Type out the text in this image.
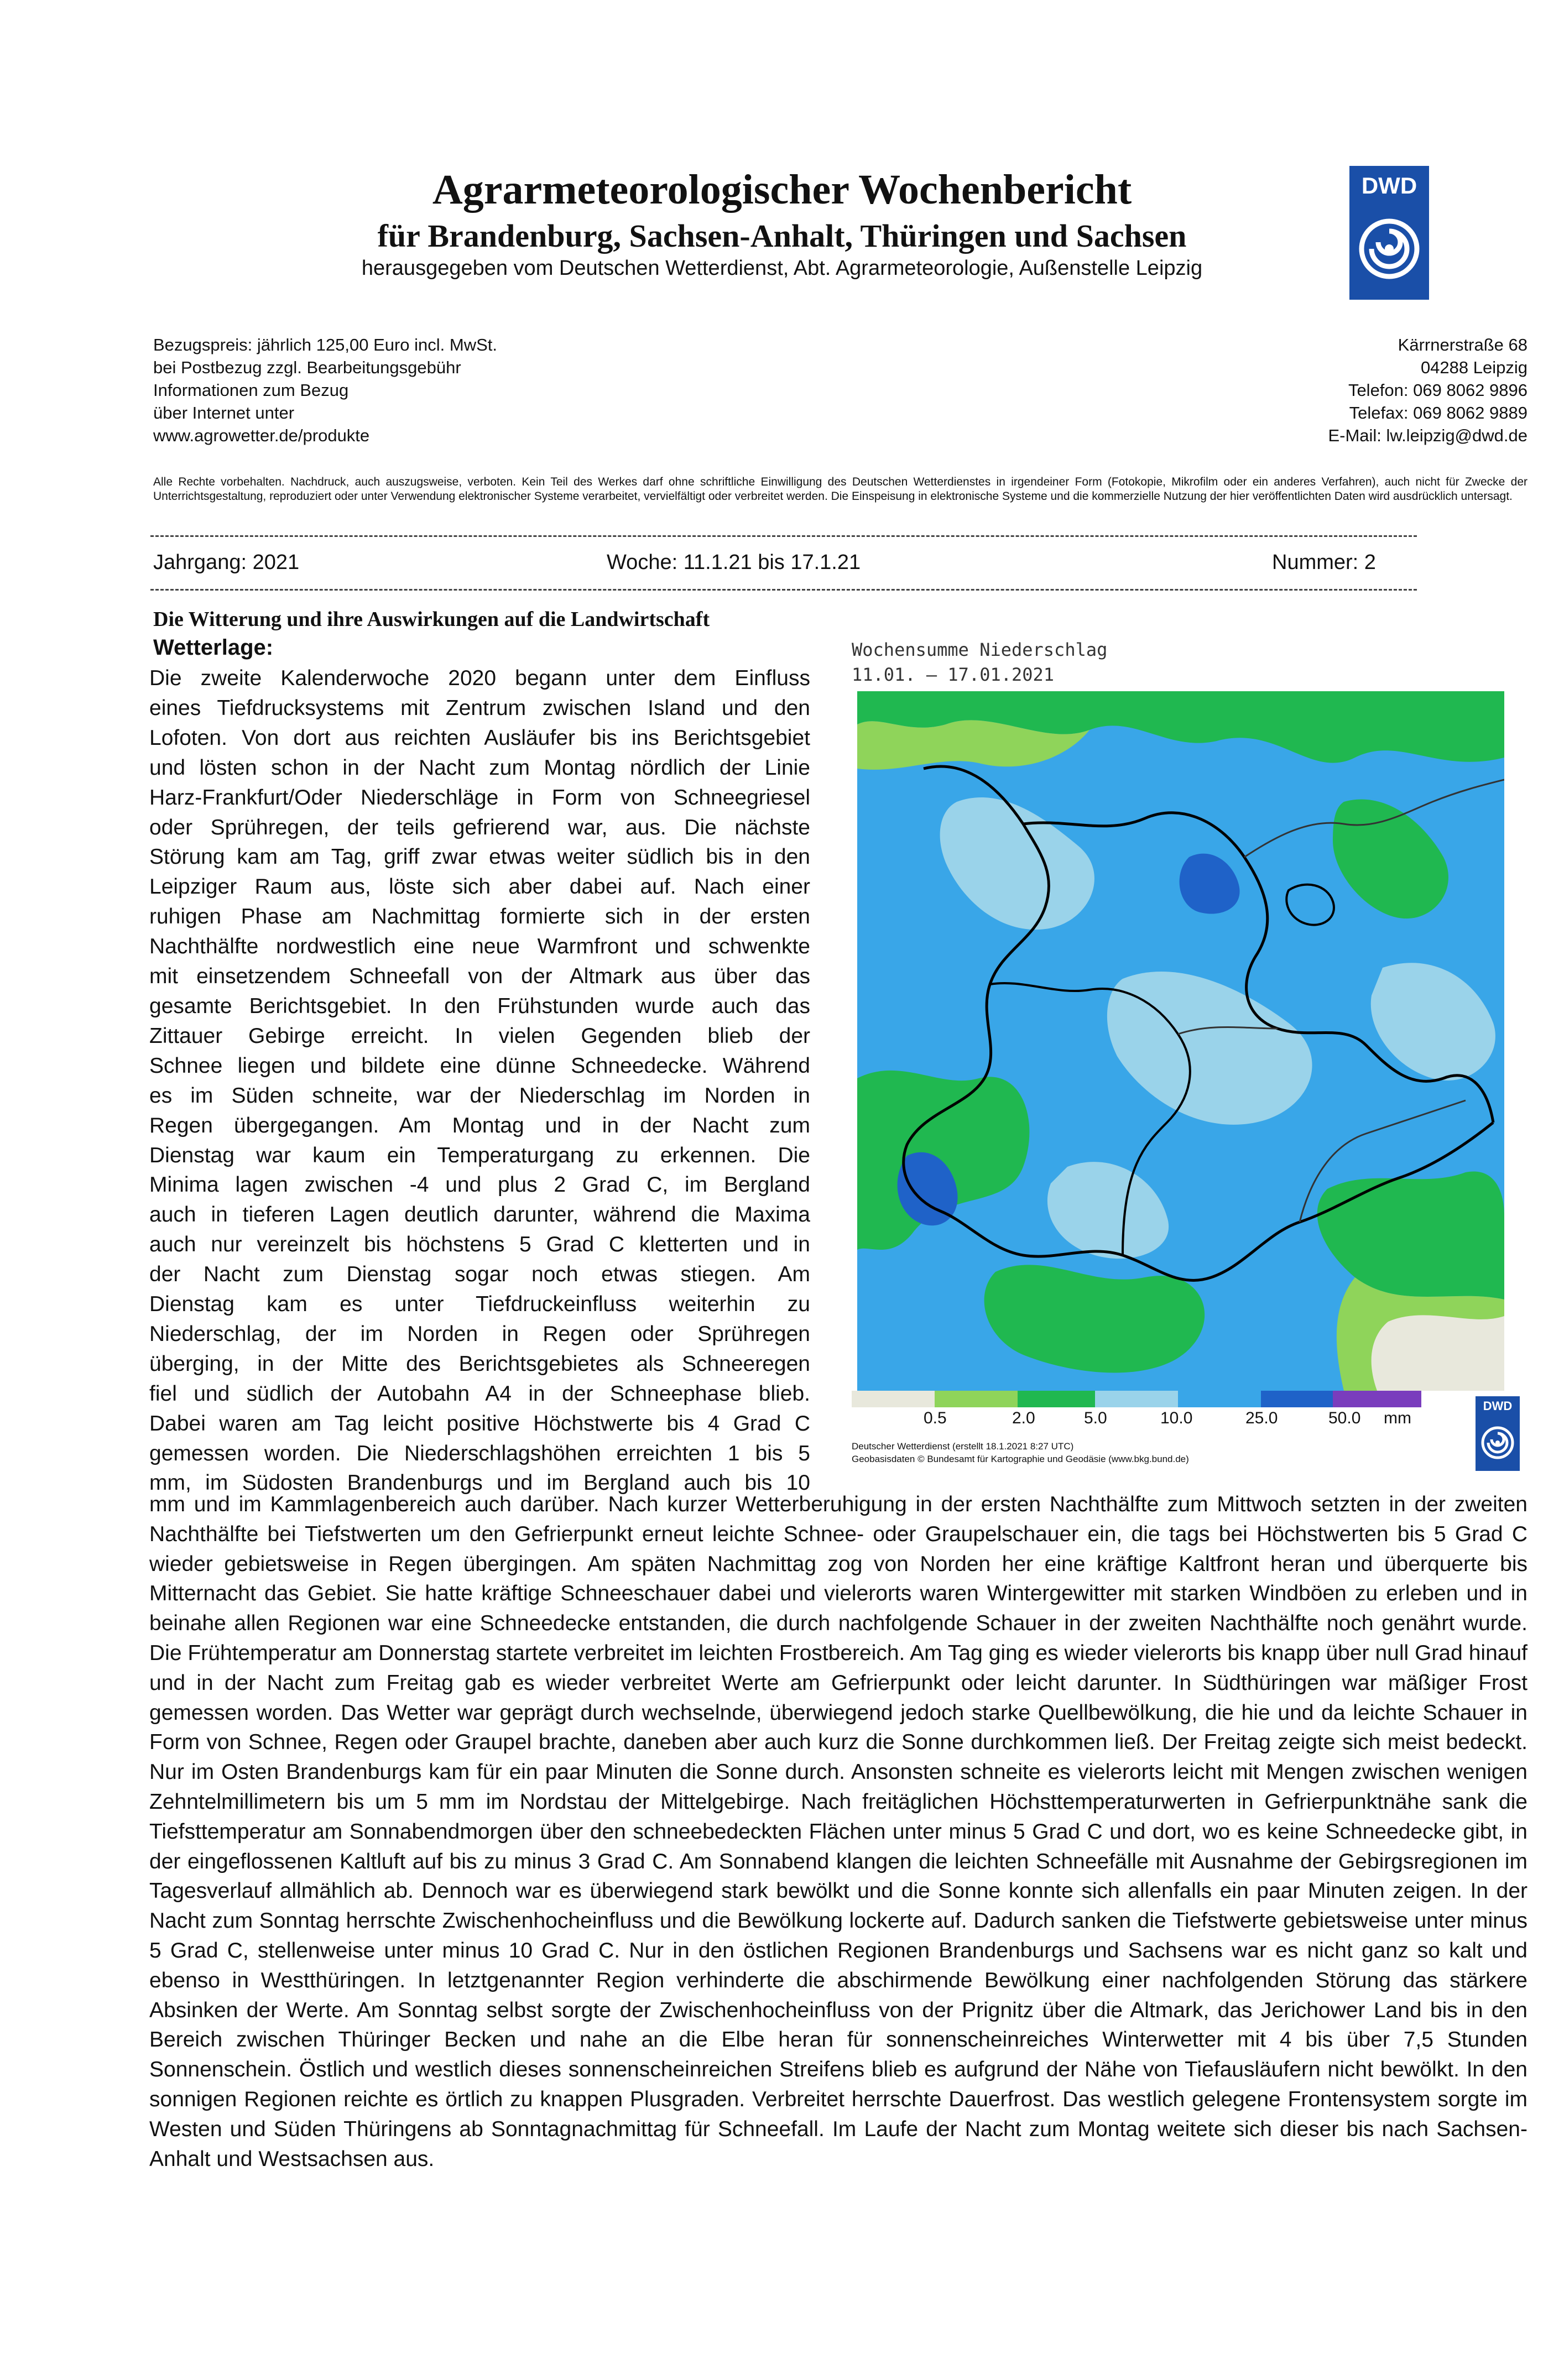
Agrarmeteorologischer Wochenbericht
für Brandenburg, Sachsen-Anhalt, Thüringen und Sachsen
herausgegeben vom Deutschen Wetterdienst, Abt. Agrarmeteorologie, Außenstelle Leipzig
DWD
Bezugspreis: jährlich 125,00 Euro incl. MwSt.
bei Postbezug zzgl. Bearbeitungsgebühr
Informationen zum Bezug
über Internet unter
www.agrowetter.de/produkte
Kärrnerstraße 68
04288 Leipzig
Telefon: 069 8062 9896
Telefax: 069 8062 9889
E-Mail: lw.leipzig@dwd.de
Alle Rechte vorbehalten. Nachdruck, auch auszugsweise, verboten. Kein Teil des Werkes darf ohne schriftliche Einwilligung des Deutschen Wetterdienstes in irgendeiner Form (Fotokopie, Mikrofilm oder ein anderes Verfahren), auch nicht für Zwecke der Unterrichtsgestaltung, reproduziert oder unter Verwendung elektronischer Systeme verarbeitet, vervielfältigt oder verbreitet werden. Die Einspeisung in elektronische Systeme und die kommerzielle Nutzung der hier veröffentlichten Daten wird ausdrücklich untersagt.
Jahrgang: 2021	Woche: 11.1.21 bis 17.1.21	Nummer: 2
Die Witterung und ihre Auswirkungen auf die Landwirtschaft
Wetterlage:
Die zweite Kalenderwoche 2020 begann unter dem Einfluss
eines Tiefdrucksystems mit Zentrum zwischen Island und den
Lofoten. Von dort aus reichten Ausläufer bis ins Berichtsgebiet
und lösten schon in der Nacht zum Montag nördlich der Linie
Harz-Frankfurt/Oder Niederschläge in Form von Schneegriesel
oder Sprühregen, der teils gefrierend war, aus. Die nächste
Störung kam am Tag, griff zwar etwas weiter südlich bis in den
Leipziger Raum aus, löste sich aber dabei auf. Nach einer
ruhigen Phase am Nachmittag formierte sich in der ersten
Nachthälfte nordwestlich eine neue Warmfront und schwenkte
mit einsetzendem Schneefall von der Altmark aus über das
gesamte Berichtsgebiet. In den Frühstunden wurde auch das
Zittauer Gebirge erreicht. In vielen Gegenden blieb der
Schnee liegen und bildete eine dünne Schneedecke. Während
es im Süden schneite, war der Niederschlag im Norden in
Regen übergegangen. Am Montag und in der Nacht zum
Dienstag war kaum ein Temperaturgang zu erkennen. Die
Minima lagen zwischen -4 und plus 2 Grad C, im Bergland
auch in tieferen Lagen deutlich darunter, während die Maxima
auch nur vereinzelt bis höchstens 5 Grad C kletterten und in
der Nacht zum Dienstag sogar noch etwas stiegen. Am
Dienstag kam es unter Tiefdruckeinfluss weiterhin zu
Niederschlag, der im Norden in Regen oder Sprühregen
überging, in der Mitte des Berichtsgebietes als Schneeregen
fiel und südlich der Autobahn A4 in der Schneephase blieb.
Dabei waren am Tag leicht positive Höchstwerte bis 4 Grad C
gemessen worden. Die Niederschlagshöhen erreichten 1 bis 5
mm, im Südosten Brandenburgs und im Bergland auch bis 10
Wochensumme Niederschlag
11.01. – 17.01.2021
0.5	2.0	5.0	10.0	25.0	50.0 mm
Deutscher Wetterdienst (erstellt 18.1.2021 8:27 UTC)
Geobasisdaten © Bundesamt für Kartographie und Geodäsie (www.bkg.bund.de)
DWD
mm und im Kammlagenbereich auch darüber. Nach kurzer Wetterberuhigung in der ersten Nachthälfte zum Mittwoch setzten in der zweiten Nachthälfte bei Tiefstwerten um den Gefrierpunkt erneut leichte Schnee- oder Graupelschauer ein, die tags bei Höchstwerten bis 5 Grad C wieder gebietsweise in Regen übergingen. Am späten Nachmittag zog von Norden her eine kräftige Kaltfront heran und überquerte bis Mitternacht das Gebiet. Sie hatte kräftige Schneeschauer dabei und vielerorts waren Wintergewitter mit starken Windböen zu erleben und in beinahe allen Regionen war eine Schneedecke entstanden, die durch nachfolgende Schauer in der zweiten Nachthälfte noch genährt wurde. Die Frühtemperatur am Donnerstag startete verbreitet im leichten Frostbereich. Am Tag ging es wieder vielerorts bis knapp über null Grad hinauf und in der Nacht zum Freitag gab es wieder verbreitet Werte am Gefrierpunkt oder leicht darunter. In Südthüringen war mäßiger Frost gemessen worden. Das Wetter war geprägt durch wechselnde, überwiegend jedoch starke Quellbewölkung, die hie und da leichte Schauer in Form von Schnee, Regen oder Graupel brachte, daneben aber auch kurz die Sonne durchkommen ließ. Der Freitag zeigte sich meist bedeckt. Nur im Osten Brandenburgs kam für ein paar Minuten die Sonne durch. Ansonsten schneite es vielerorts leicht mit Mengen zwischen wenigen Zehntelmillimetern bis um 5 mm im Nordstau der Mittelgebirge. Nach freitäglichen Höchsttemperaturwerten in Gefrierpunktnähe sank die Tiefsttemperatur am Sonnabendmorgen über den schneebedeckten Flächen unter minus 5 Grad C und dort, wo es keine Schneedecke gibt, in der eingeflossenen Kaltluft auf bis zu minus 3 Grad C. Am Sonnabend klangen die leichten Schneefälle mit Ausnahme der Gebirgsregionen im Tagesverlauf allmählich ab. Dennoch war es überwiegend stark bewölkt und die Sonne konnte sich allenfalls ein paar Minuten zeigen. In der Nacht zum Sonntag herrschte Zwischenhocheinfluss und die Bewölkung lockerte auf. Dadurch sanken die Tiefstwerte gebietsweise unter minus 5 Grad C, stellenweise unter minus 10 Grad C. Nur in den östlichen Regionen Brandenburgs und Sachsens war es nicht ganz so kalt und ebenso in Westthüringen. In letztgenannter Region verhinderte die abschirmende Bewölkung einer nachfolgenden Störung das stärkere Absinken der Werte. Am Sonntag selbst sorgte der Zwischenhocheinfluss von der Prignitz über die Altmark, das Jerichower Land bis in den Bereich zwischen Thüringer Becken und nahe an die Elbe heran für sonnenscheinreiches Winterwetter mit 4 bis über 7,5 Stunden Sonnenschein. Östlich und westlich dieses sonnenscheinreichen Streifens blieb es aufgrund der Nähe von Tiefausläufern nicht bewölkt. In den sonnigen Regionen reichte es örtlich zu knappen Plusgraden. Verbreitet herrschte Dauerfrost. Das westlich gelegene Frontensystem sorgte im Westen und Süden Thüringens ab Sonntagnachmittag für Schneefall. Im Laufe der Nacht zum Montag weitete sich dieser bis nach Sachsen-Anhalt und Westsachsen aus.
